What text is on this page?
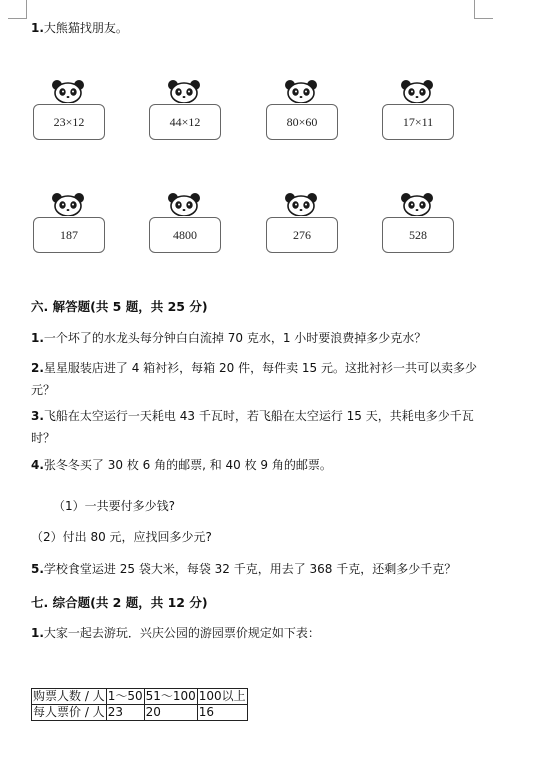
1.大熊猫找朋友。
23×12	44×12	80×60	17×11
187	4800	276	528
六. 解答题(共 5 题，共 25 分)
1.一个坏了的水龙头每分钟白白流掉 70 克水，1 小时要浪费掉多少克水？
2.星星服装店进了 4 箱衬衫，每箱 20 件，每件卖 15 元。这批衬衫一共可以卖多少元？
3.飞船在太空运行一天耗电 43 千瓦时，若飞船在太空运行 15 天，共耗电多少千瓦时？
4.张冬冬买了 30 枚 6 角的邮票, 和 40 枚 9 角的邮票。
（1）一共要付多少钱?
（2）付出 80 元，应找回多少元?
5.学校食堂运进 25 袋大米，每袋 32 千克，用去了 368 千克，还剩多少千克？
七. 综合题(共 2 题，共 12 分)
1.大家一起去游玩．兴庆公园的游园票价规定如下表：
购票人数 / 人	1～50	51～100	100以上
每人票价 / 人	23	20	16
